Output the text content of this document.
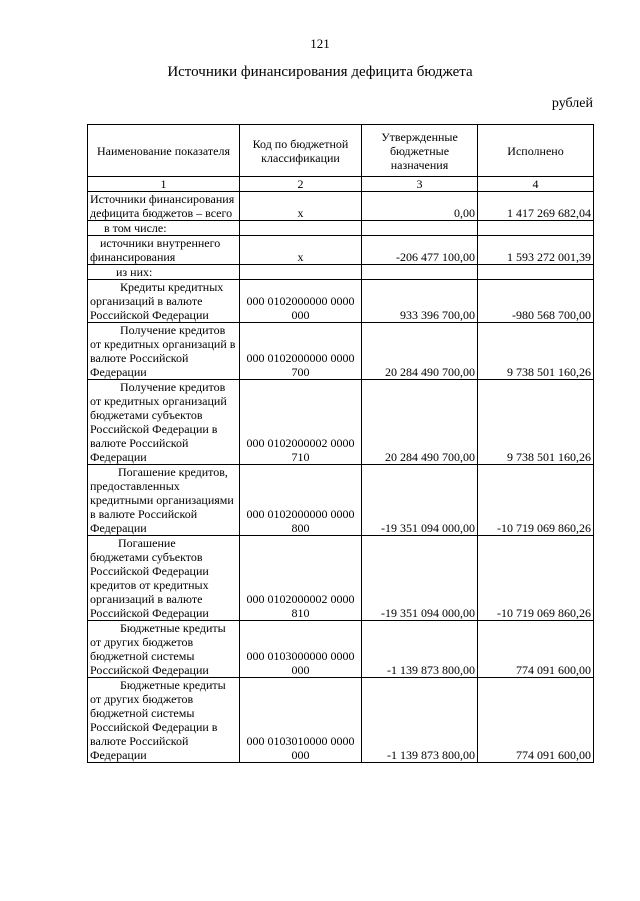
121
Источники финансирования дефицита бюджета
рублей
Наименование показателя	Код по бюджетной классификации	Утвержденные бюджетные назначения	Исполнено
1	2	3	4
Источники финансирования дефицита бюджетов – всего	x	0,00	1 417 269 682,04
в том числе:			
источники внутреннего финансирования	x	-206 477 100,00	1 593 272 001,39
из них:			
Кредиты кредитных организаций в валюте Российской Федерации	000 0102000000 0000 000	933 396 700,00	-980 568 700,00
Получение кредитов от кредитных организаций в валюте Российской Федерации	000 0102000000 0000 700	20 284 490 700,00	9 738 501 160,26
Получение кредитов от кредитных организаций бюджетами субъектов Российской Федерации в валюте Российской Федерации	000 0102000002 0000 710	20 284 490 700,00	9 738 501 160,26
Погашение кредитов, предоставленных кредитными организациями в валюте Российской Федерации	000 0102000000 0000 800	-19 351 094 000,00	-10 719 069 860,26
Погашение бюджетами субъектов Российской Федерации кредитов от кредитных организаций в валюте Российской Федерации	000 0102000002 0000 810	-19 351 094 000,00	-10 719 069 860,26
Бюджетные кредиты от других бюджетов бюджетной системы Российской Федерации	000 0103000000 0000 000	-1 139 873 800,00	774 091 600,00
Бюджетные кредиты от других бюджетов бюджетной системы Российской Федерации в валюте Российской Федерации	000 0103010000 0000 000	-1 139 873 800,00	774 091 600,00
